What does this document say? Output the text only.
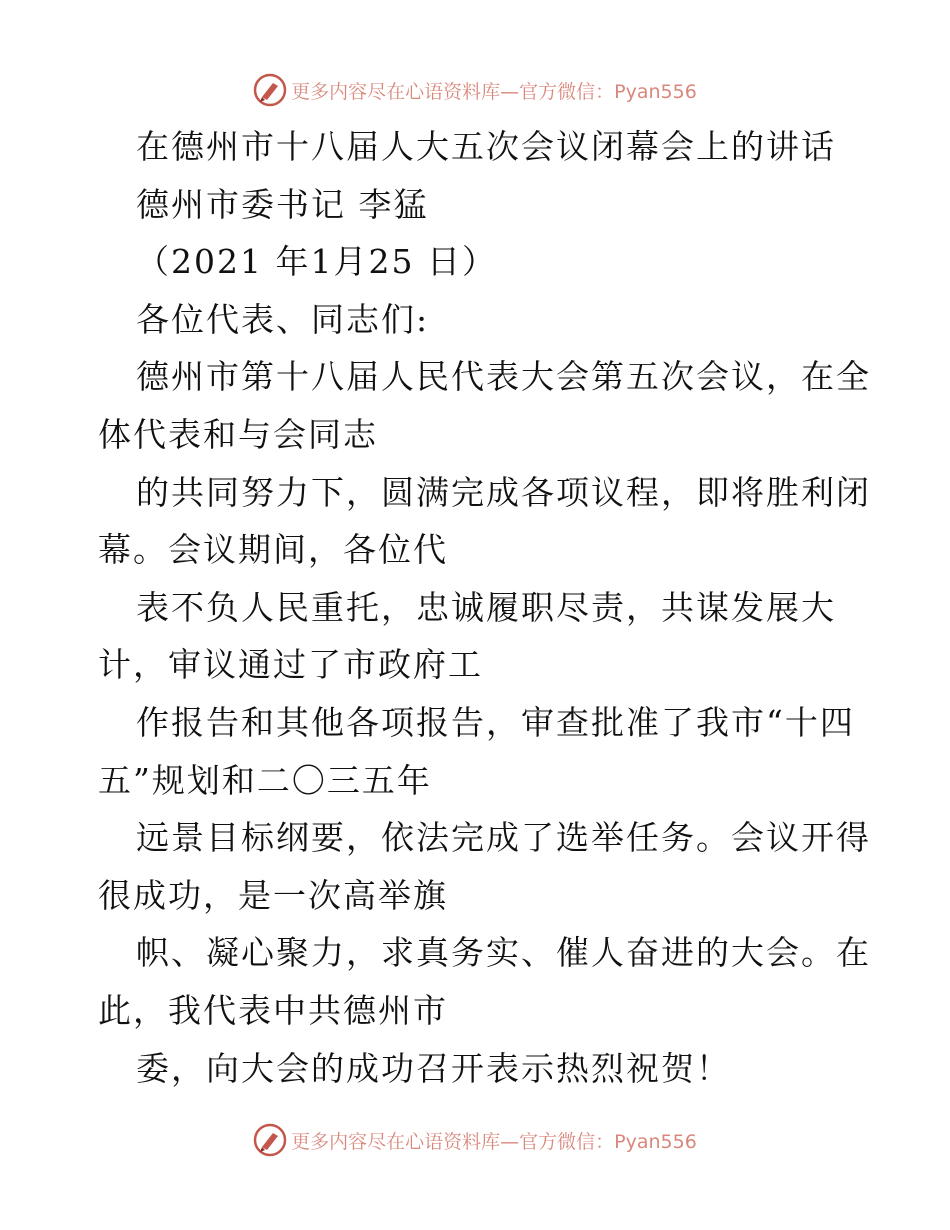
更多内容尽在心语资料库—官方微信：Pyan556
在德州市十八届人大五次会议闭幕会上的讲话
德州市委书记 李猛
（2021 年1月25 日）
各位代表、同志们:
德州市第十八届人民代表大会第五次会议，在全
体代表和与会同志
的共同努力下，圆满完成各项议程，即将胜利闭
幕。会议期间，各位代
表不负人民重托，忠诚履职尽责，共谋发展大
计，审议通过了市政府工
作报告和其他各项报告，审查批准了我市“十四
五”规划和二〇三五年
远景目标纲要，依法完成了选举任务。会议开得
很成功，是一次高举旗
帜、凝心聚力，求真务实、催人奋进的大会。在
此，我代表中共德州市
委，向大会的成功召开表示热烈祝贺！
更多内容尽在心语资料库—官方微信：Pyan556
